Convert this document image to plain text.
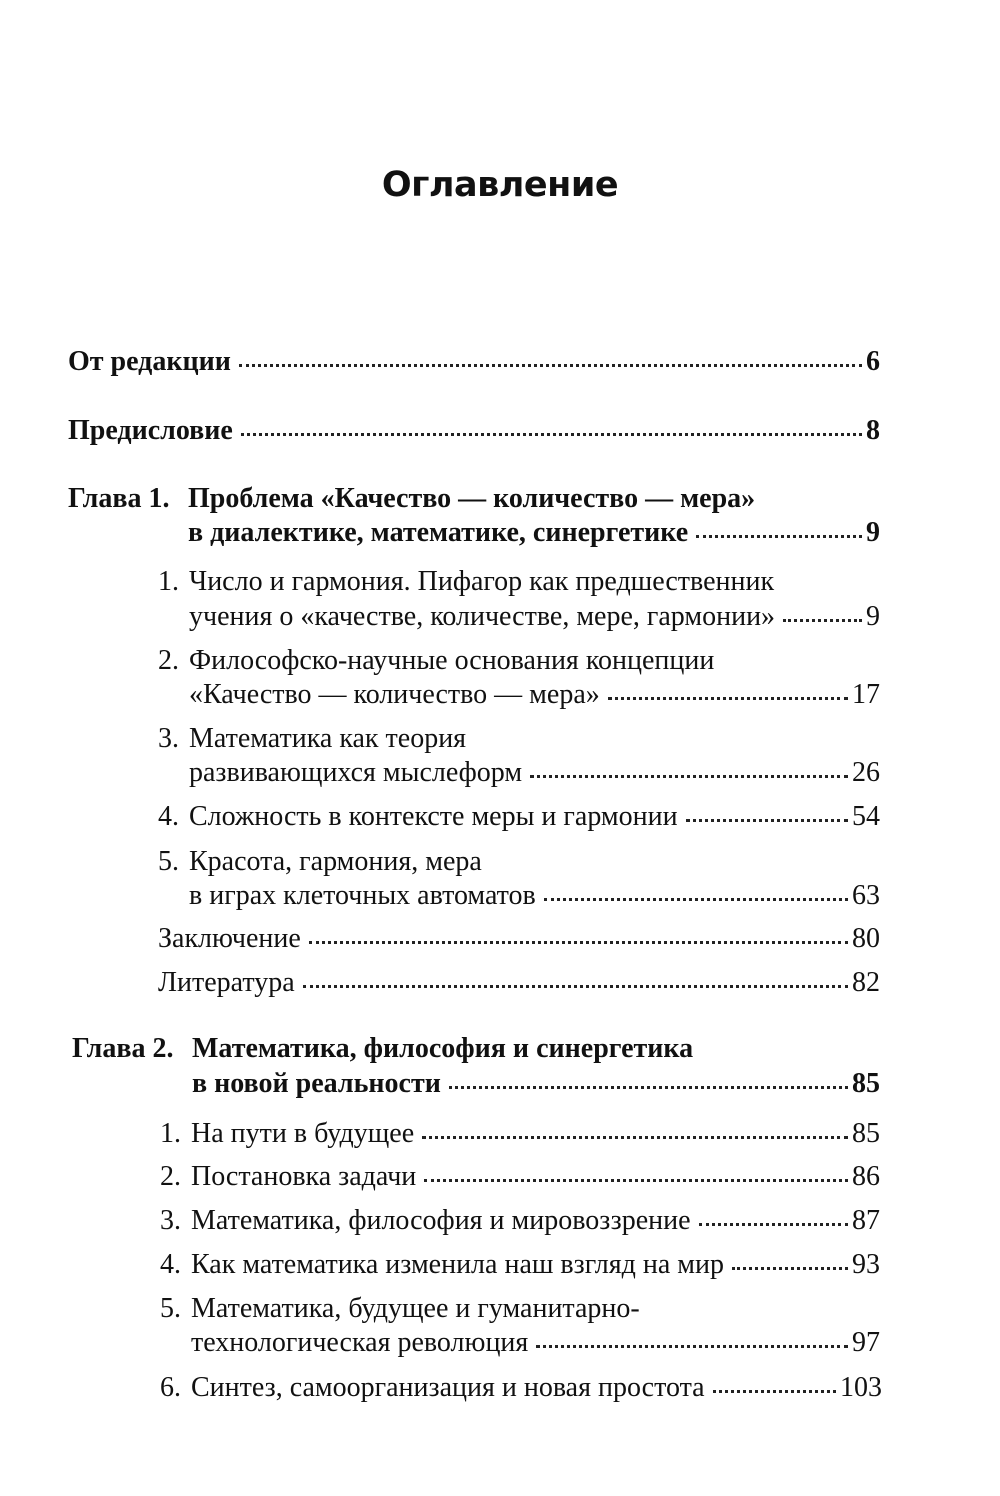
Оглавление
От редакции	6
Предисловие	8
Глава 1. Проблема «Качество — количество — мера»
в диалектике, математике, синергетике	9
1. Число и гармония. Пифагор как предшественник
учения о «качестве, количестве, мере, гармонии»	9
2. Философско-научные основания концепции
«Качество — количество — мера»	17
3. Математика как теория
развивающихся мыслеформ	26
4. Сложность в контексте меры и гармонии	54
5. Красота, гармония, мера
в играх клеточных автоматов	63
Заключение	80
Литература	82
Глава 2. Математика, философия и синергетика
в новой реальности	85
1. На пути в будущее	85
2. Постановка задачи	86
3. Математика, философия и мировоззрение	87
4. Как математика изменила наш взгляд на мир	93
5. Математика, будущее и гуманитарно-
технологическая революция	97
6. Синтез, самоорганизация и новая простота	103
